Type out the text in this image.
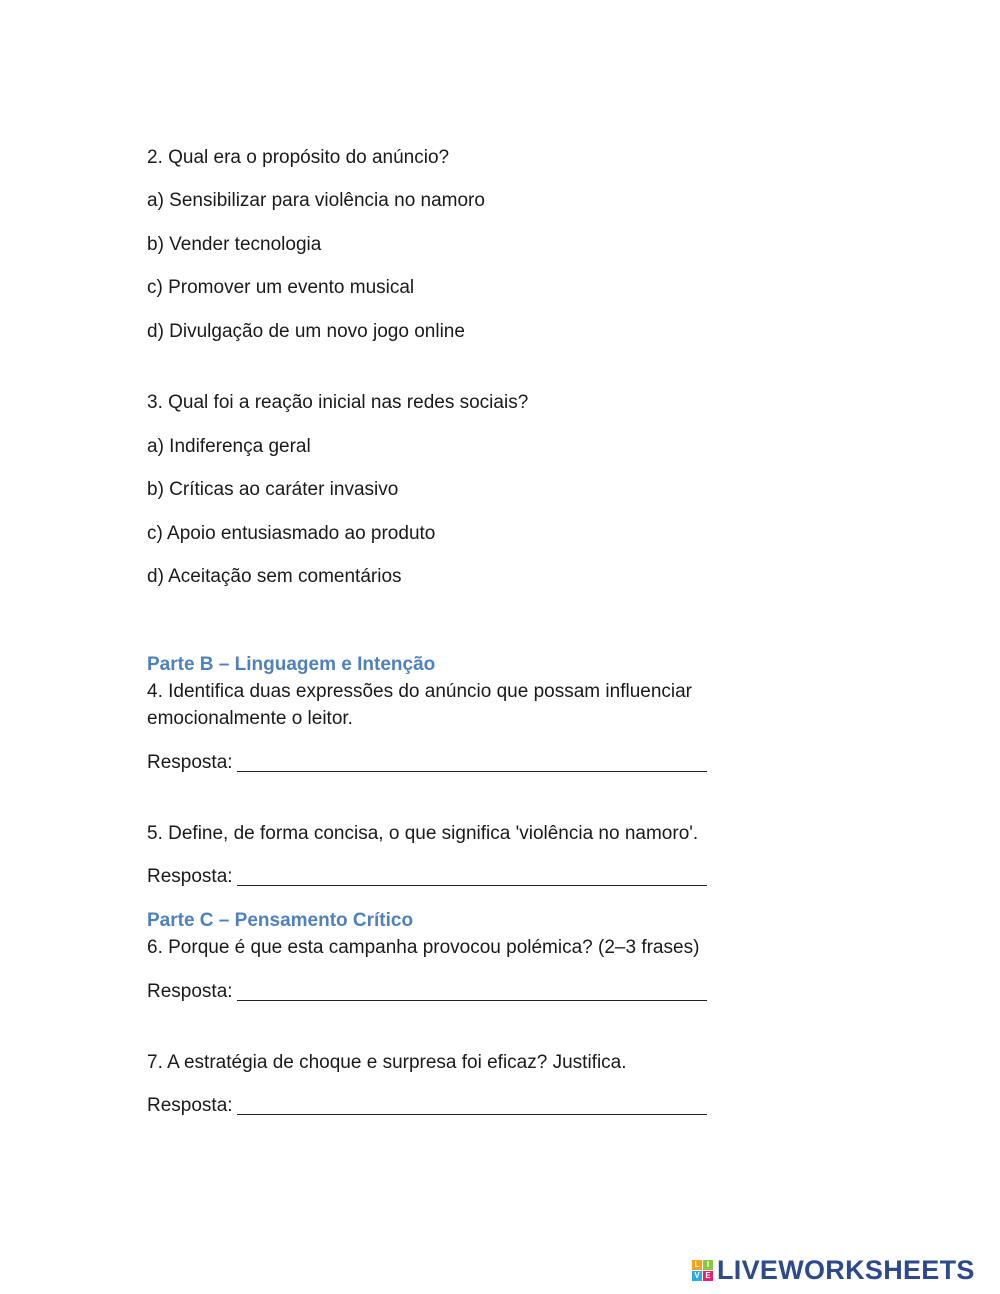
2. Qual era o propósito do anúncio?
a) Sensibilizar para violência no namoro
b) Vender tecnologia
c) Promover um evento musical
d) Divulgação de um novo jogo online
3. Qual foi a reação inicial nas redes sociais?
a) Indiferença geral
b) Críticas ao caráter invasivo
c) Apoio entusiasmado ao produto
d) Aceitação sem comentários
Parte B – Linguagem e Intenção
4. Identifica duas expressões do anúncio que possam influenciar
emocionalmente o leitor.
Resposta:
5. Define, de forma concisa, o que significa 'violência no namoro'.
Resposta:
Parte C – Pensamento Crítico
6. Porque é que esta campanha provocou polémica? (2–3 frases)
Resposta:
7. A estratégia de choque e surpresa foi eficaz? Justifica.
Resposta:
L I
V E LIVEWORKSHEETS
